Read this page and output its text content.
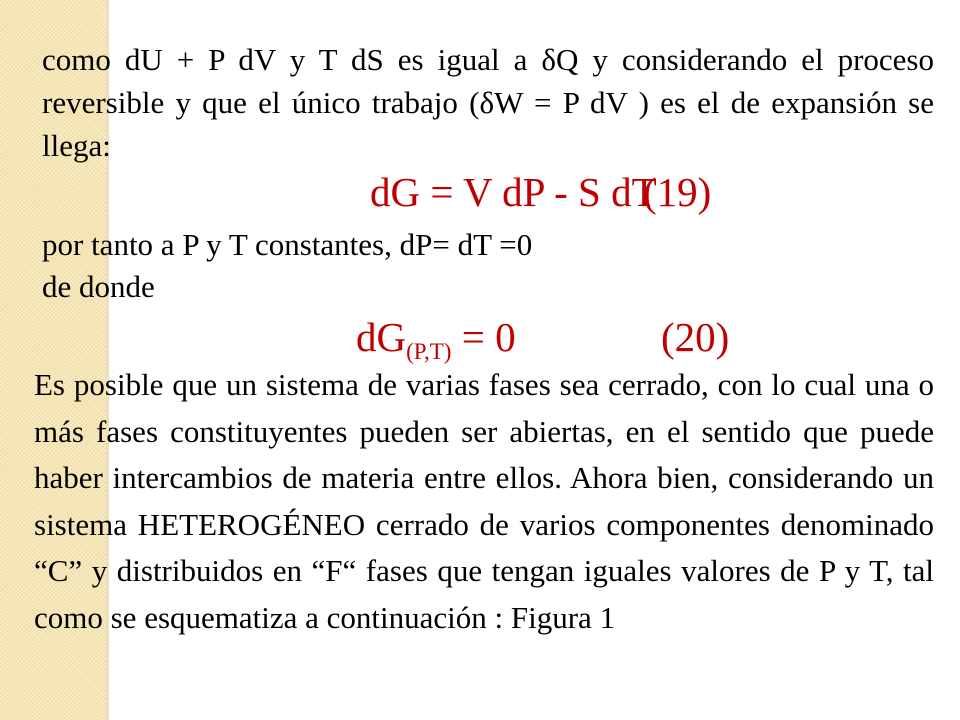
como dU + P dV y T dS es igual a δQ y considerando el proceso reversible y que el único trabajo (δW = P dV ) es el de expansión se llega:

dG = V dP - S dT
(19)
por tanto a P y T constantes, dP= dT =0
de donde
$dG_{(P,T)} = 0$	(20)

Es posible que un sistema de varias fases sea cerrado, con lo cual una o más fases constituyentes pueden ser abiertas, en el sentido que puede haber intercambios de materia entre ellos. Ahora bien, considerando un sistema HETEROGÉNEO cerrado de varios componentes denominado “C” y distribuidos en “F“ fases que tengan iguales valores de P y T, tal como se esquematiza a continuación : Figura 1
